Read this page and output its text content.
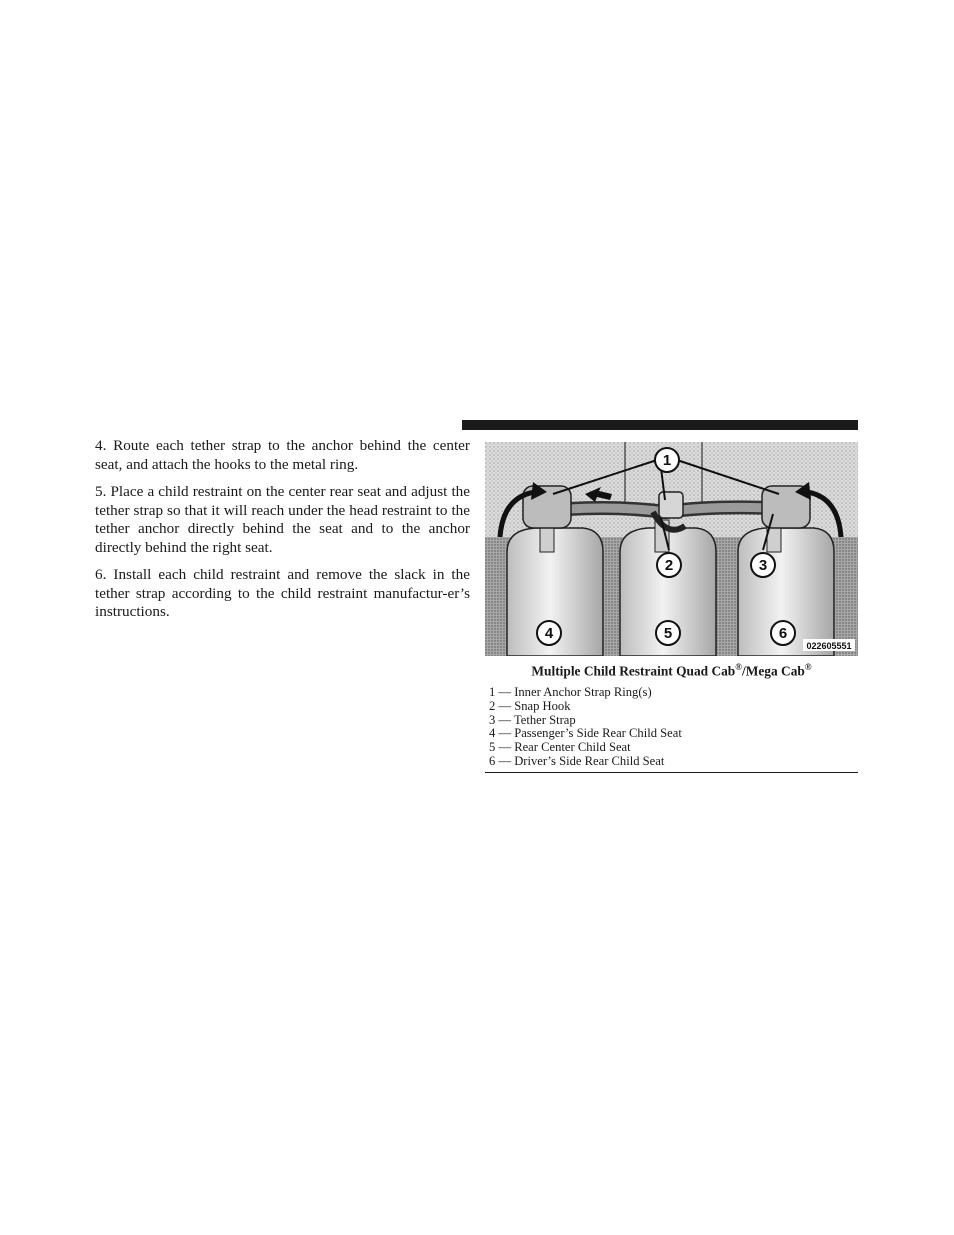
4. Route each tether strap to the anchor behind the center seat, and attach the hooks to the metal ring.

5. Place a child restraint on the center rear seat and adjust the tether strap so that it will reach under the head restraint to the tether anchor directly behind the seat and to the anchor directly behind the right seat.

6. Install each child restraint and remove the slack in the tether strap according to the child restraint manufactur-er’s instructions.

1
2	3
4	5	6
022605551
Multiple Child Restraint Quad Cab®/Mega Cab®
1 — Inner Anchor Strap Ring(s)
2 — Snap Hook
3 — Tether Strap
4 — Passenger’s Side Rear Child Seat
5 — Rear Center Child Seat
6 — Driver’s Side Rear Child Seat
